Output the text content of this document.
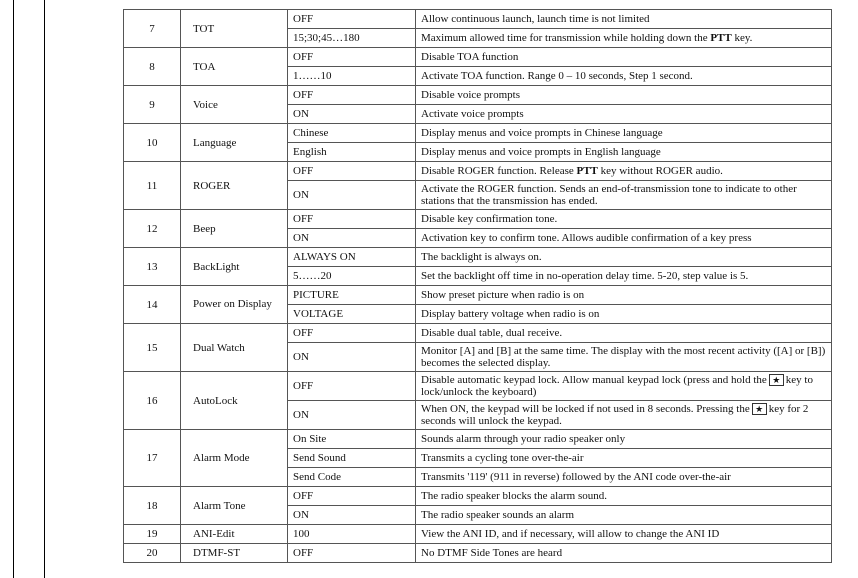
7	TOT	OFF	Allow continuous launch, launch time is not limited
		15;30;45…180	Maximum allowed time for transmission while holding down the PTT key.
8	TOA	OFF	Disable TOA function
		1……10	Activate TOA function. Range 0 – 10 seconds, Step 1 second.
9	Voice	OFF	Disable voice prompts
		ON	Activate voice prompts
10	Language	Chinese	Display menus and voice prompts in Chinese language
		English	Display menus and voice prompts in English language
11	ROGER	OFF	Disable ROGER function. Release PTT key without ROGER audio.
		ON	Activate the ROGER function. Sends an end-of-transmission tone to indicate to other stations that the transmission has ended.
12	Beep	OFF	Disable key confirmation tone.
		ON	Activation key to confirm tone. Allows audible confirmation of a key press
13	BackLight	ALWAYS ON	The backlight is always on.
		5……20	Set the backlight off time in no-operation delay time. 5-20, step value is 5.
14	Power on Display	PICTURE	Show preset picture when radio is on
		VOLTAGE	Display battery voltage when radio is on
15	Dual Watch	OFF	Disable dual table, dual receive.
		ON	Monitor [A] and [B] at the same time. The display with the most recent activity ([A] or [B]) becomes the selected display.
16	AutoLock	OFF	Disable automatic keypad lock. Allow manual keypad lock (press and hold the ★ key to lock/unlock the keyboard)
		ON	When ON, the keypad will be locked if not used in 8 seconds. Pressing the ★ key for 2 seconds will unlock the keypad.
17	Alarm Mode	On Site	Sounds alarm through your radio speaker only
		Send Sound	Transmits a cycling tone over-the-air
		Send Code	Transmits '119' (911 in reverse) followed by the ANI code over-the-air
18	Alarm Tone	OFF	The radio speaker blocks the alarm sound.
		ON	The radio speaker sounds an alarm
19	ANI-Edit	100	View the ANI ID, and if necessary, will allow to change the ANI ID
20	DTMF-ST	OFF	No DTMF Side Tones are heard
